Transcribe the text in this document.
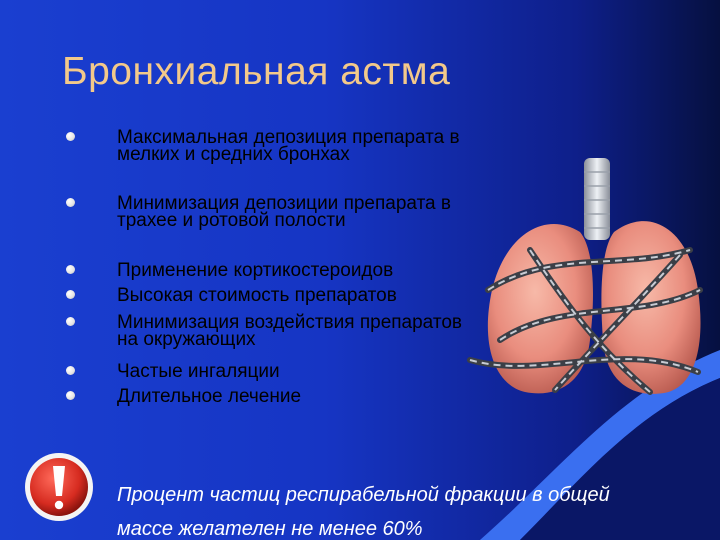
Бронхиальная астма
Максимальная депозиция препарата в мелких и средних бронхах
Минимизация депозиции препарата в трахее и ротовой полости
Применение кортикостероидов
Высокая стоимость препаратов
Минимизация воздействия препаратов на окружающих
Частые ингаляции
Длительное лечение
Процент частиц респирабельной фракции в общей массе желателен не менее 60%
